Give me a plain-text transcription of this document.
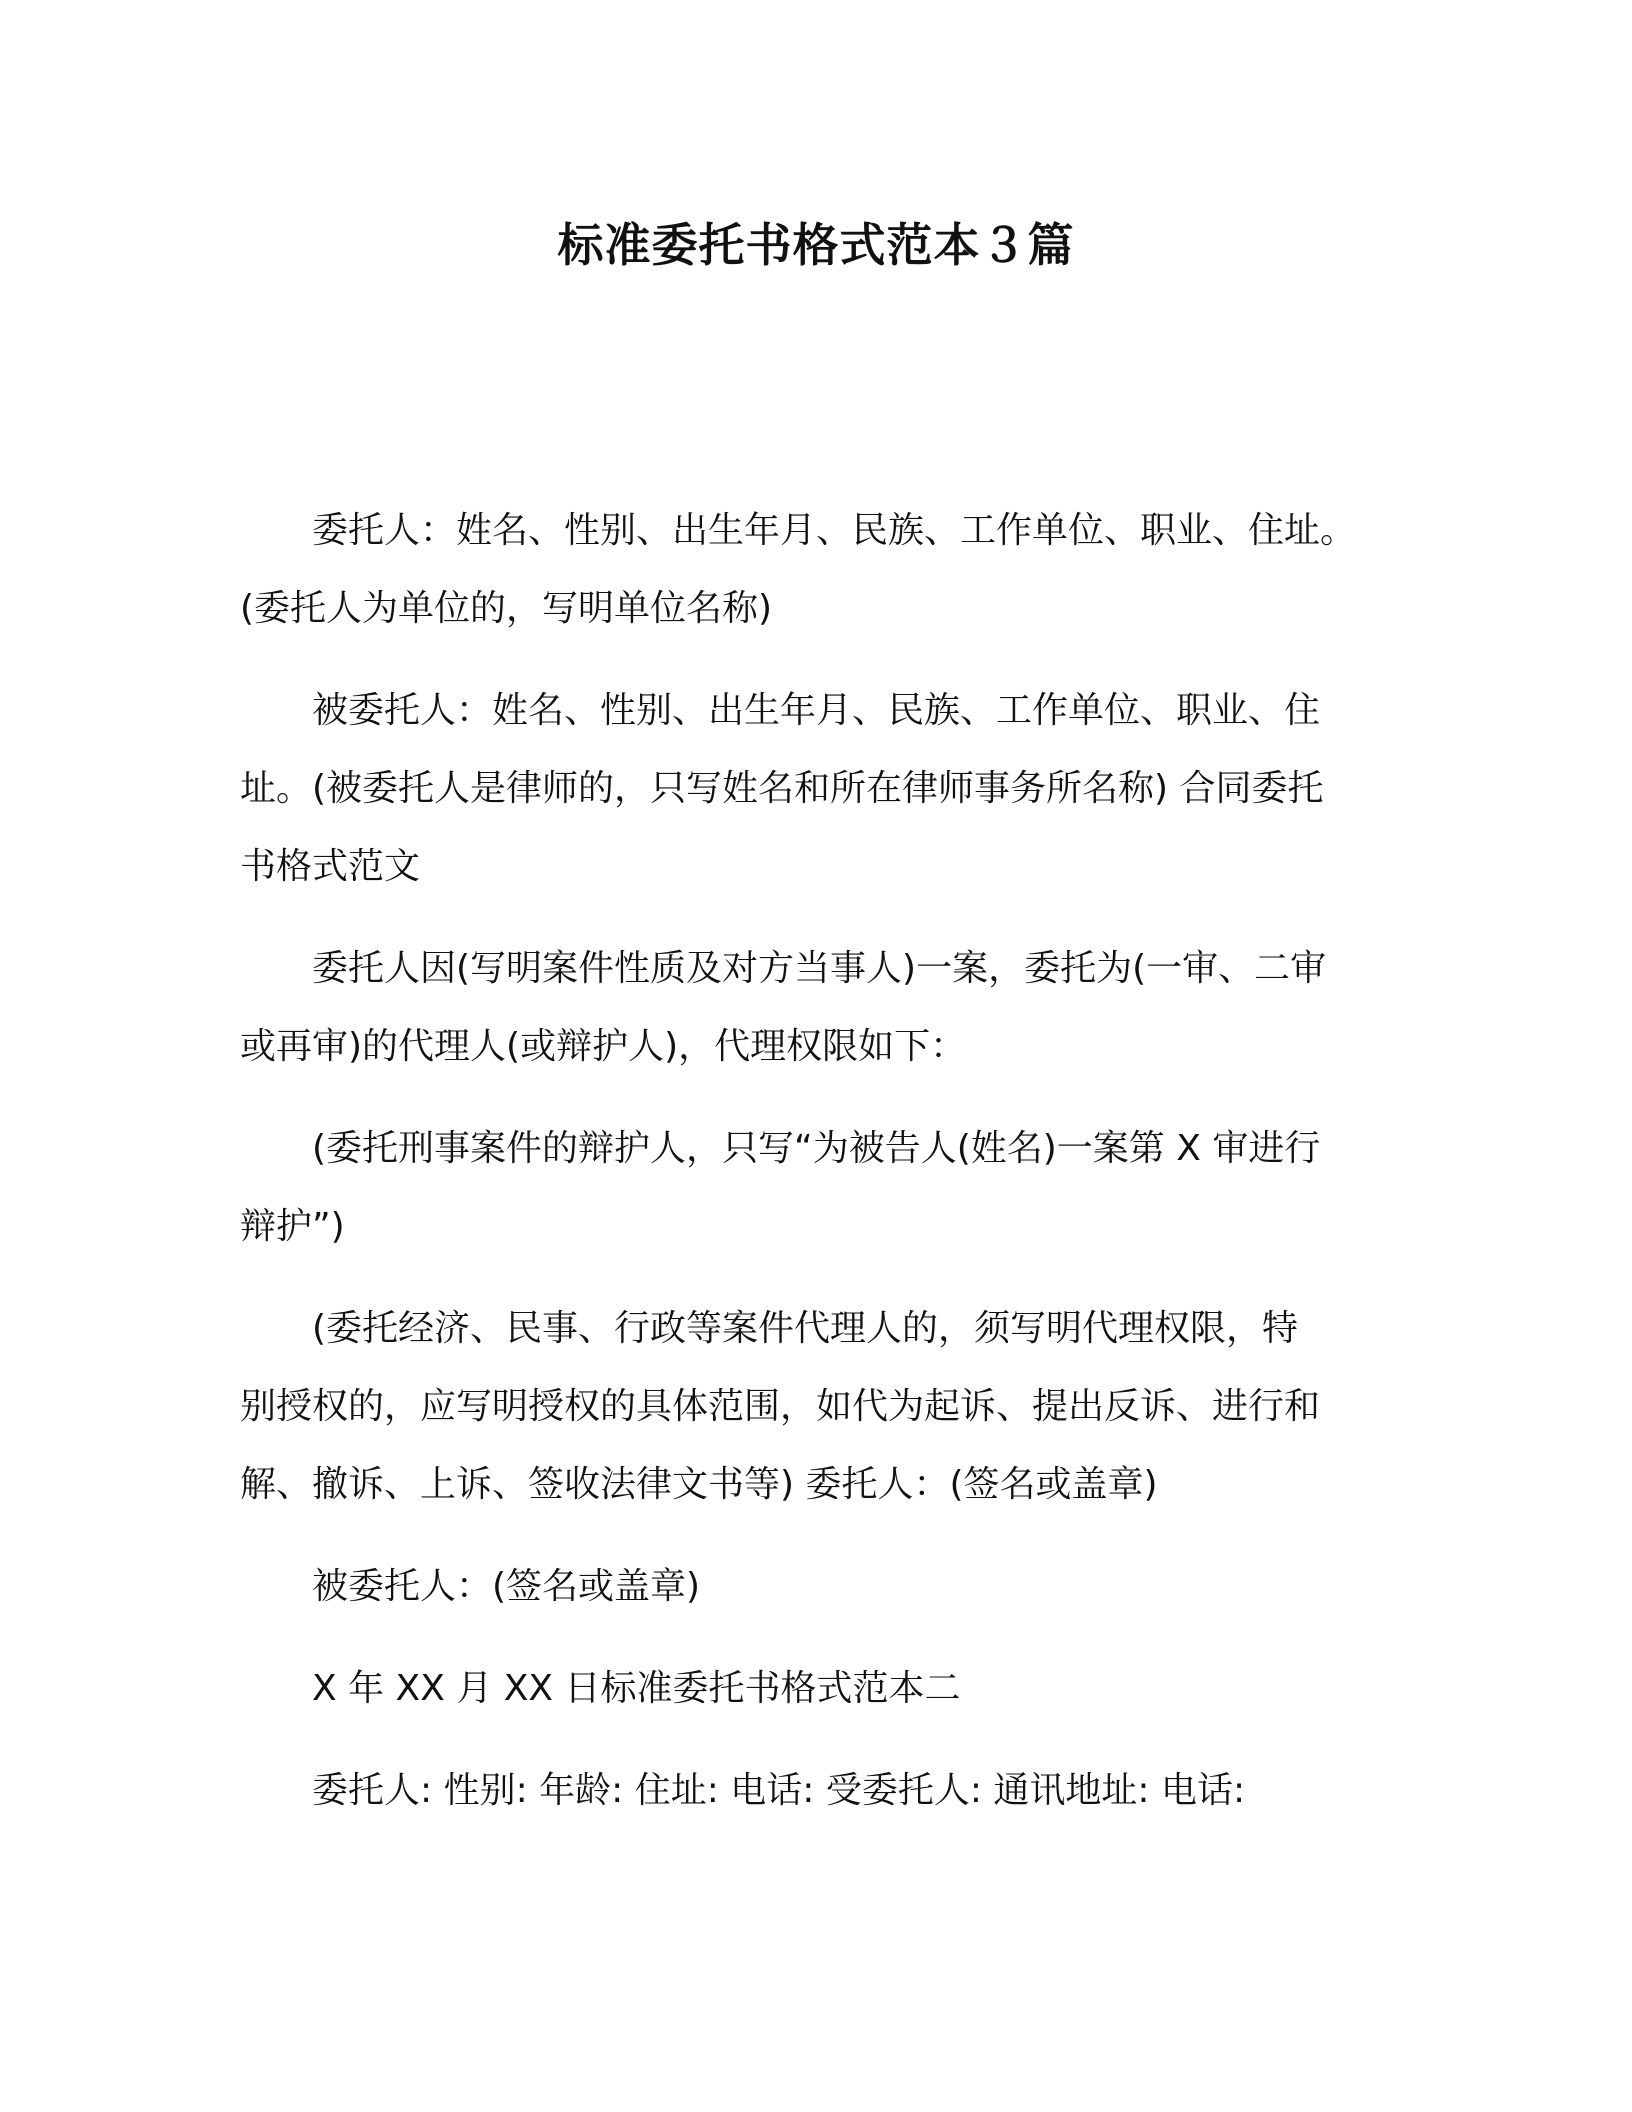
标准委托书格式范本３篇

委托人：姓名、性别、出生年月、民族、工作单位、职业、住址。
(委托人为单位的，写明单位名称)

被委托人：姓名、性别、出生年月、民族、工作单位、职业、住
址。(被委托人是律师的，只写姓名和所在律师事务所名称) 合同委托
书格式范文

委托人因(写明案件性质及对方当事人)一案，委托为(一审、二审
或再审)的代理人(或辩护人)，代理权限如下：

(委托刑事案件的辩护人，只写“为被告人(姓名)一案第 X 审进行
辩护”)

(委托经济、民事、行政等案件代理人的，须写明代理权限，特
别授权的，应写明授权的具体范围，如代为起诉、提出反诉、进行和
解、撤诉、上诉、签收法律文书等) 委托人：(签名或盖章)

被委托人：(签名或盖章)

X 年 XX 月 XX 日标准委托书格式范本二

委托人: 性别: 年龄: 住址: 电话: 受委托人: 通讯地址: 电话:
